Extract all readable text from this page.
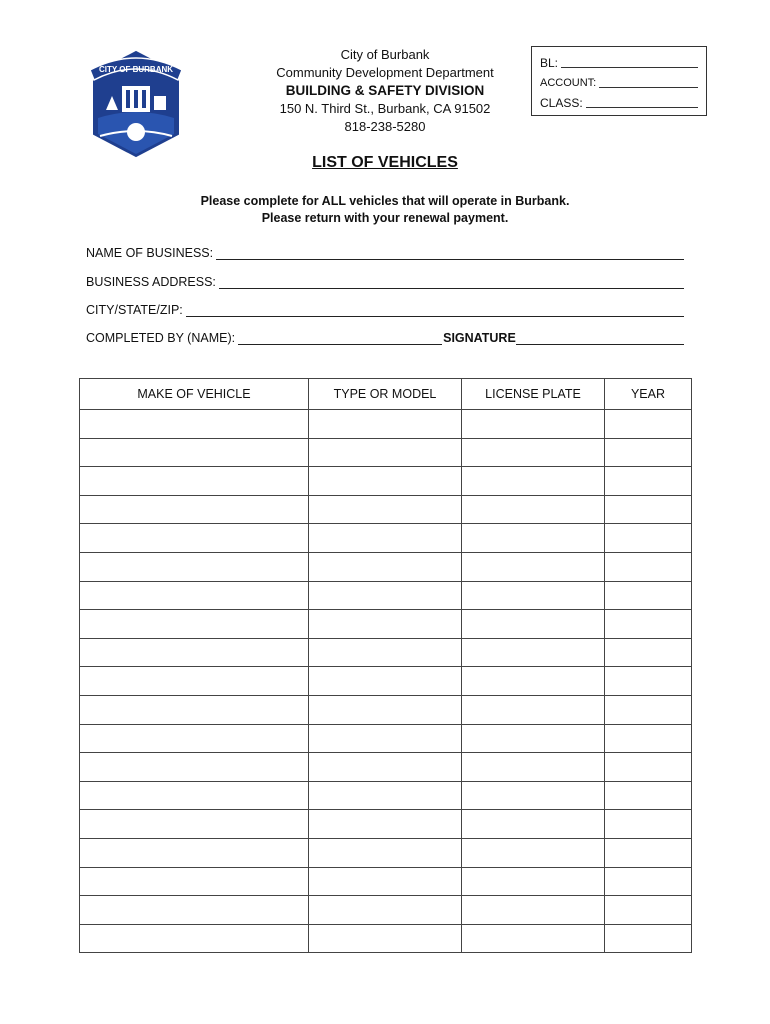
CITY OF BURBANK
City of Burbank
Community Development Department
BUILDING & SAFETY DIVISION
150 N. Third St., Burbank, CA 91502
818-238-5280
BL:
ACCOUNT:
CLASS:
LIST OF VEHICLES
Please complete for ALL vehicles that will operate in Burbank.
Please return with your renewal payment.
NAME OF BUSINESS:
BUSINESS ADDRESS:
CITY/STATE/ZIP:
COMPLETED BY (NAME):	SIGNATURE
MAKE OF VEHICLE	TYPE OR MODEL	LICENSE PLATE	YEAR
